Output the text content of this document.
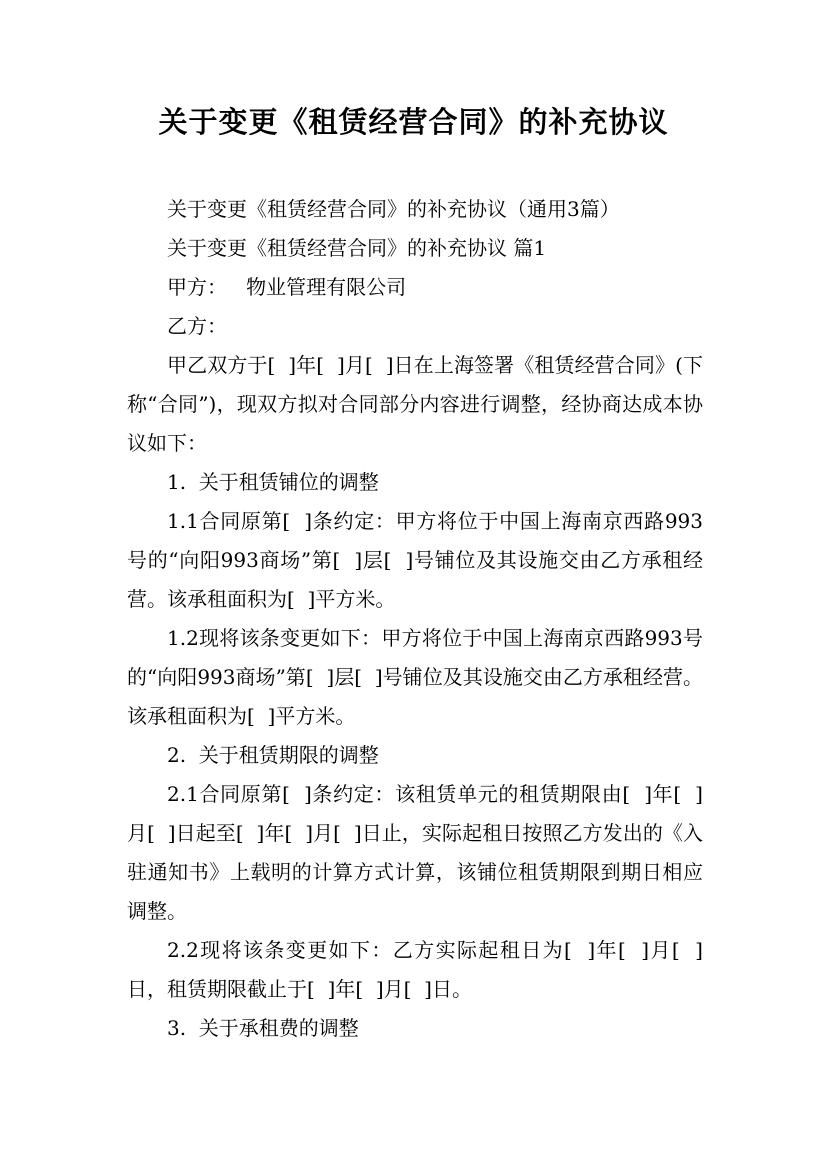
关于变更《租赁经营合同》的补充协议

关于变更《租赁经营合同》的补充协议（通用3篇）

关于变更《租赁经营合同》的补充协议 篇1

甲方：   物业管理有限公司

乙方：

甲乙双方于[  ]年[  ]月[  ]日在上海签署《租赁经营合同》(下称“合同”)，现双方拟对合同部分内容进行调整，经协商达成本协议如下：

1.  关于租赁铺位的调整

1.1合同原第[  ]条约定：甲方将位于中国上海南京西路993号的“向阳993商场”第[  ]层[  ]号铺位及其设施交由乙方承租经营。该承租面积为[  ]平方米。

1.2现将该条变更如下：甲方将位于中国上海南京西路993号的“向阳993商场”第[  ]层[  ]号铺位及其设施交由乙方承租经营。该承租面积为[  ]平方米。

2.  关于租赁期限的调整

2.1合同原第[  ]条约定：该租赁单元的租赁期限由[  ]年[  ]月[  ]日起至[  ]年[  ]月[  ]日止，实际起租日按照乙方发出的《入驻通知书》上载明的计算方式计算，该铺位租赁期限到期日相应调整。

2.2现将该条变更如下：乙方实际起租日为[  ]年[  ]月[  ]日，租赁期限截止于[  ]年[  ]月[  ]日。

3.  关于承租费的调整
